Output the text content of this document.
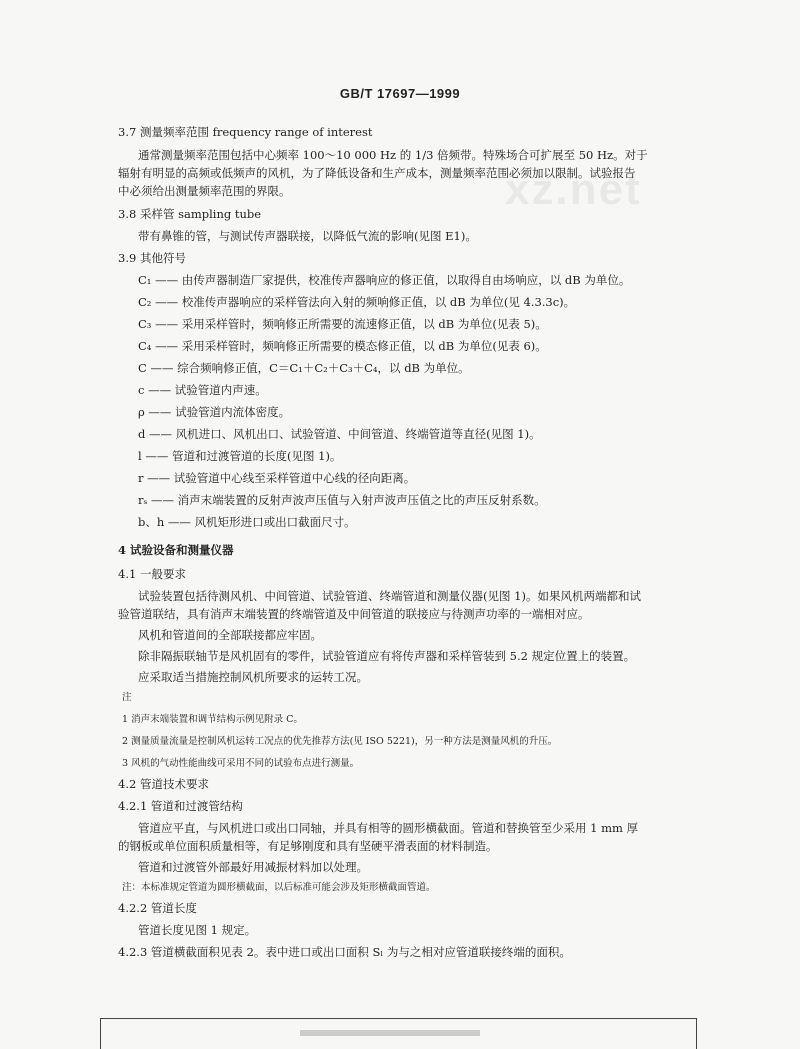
GB/T 17697—1999
xz.net
3.7 测量频率范围 frequency range of interest
通常测量频率范围包括中心频率 100～10 000 Hz 的 1/3 倍频带。特殊场合可扩展至 50 Hz。对于
辐射有明显的高频或低频声的风机，为了降低设备和生产成本，测量频率范围必须加以限制。试验报告
中必须给出测量频率范围的界限。
3.8 采样管 sampling tube
带有鼻锥的管，与测试传声器联接，以降低气流的影响(见图 E1)。
3.9 其他符号
C₁ —— 由传声器制造厂家提供，校准传声器响应的修正值，以取得自由场响应，以 dB 为单位。
C₂ —— 校准传声器响应的采样管法向入射的频响修正值，以 dB 为单位(见 4.3.3c)。
C₃ —— 采用采样管时，频响修正所需要的流速修正值，以 dB 为单位(见表 5)。
C₄ —— 采用采样管时，频响修正所需要的模态修正值，以 dB 为单位(见表 6)。
C —— 综合频响修正值，C＝C₁＋C₂＋C₃＋C₄，以 dB 为单位。
c —— 试验管道内声速。
ρ —— 试验管道内流体密度。
d —— 风机进口、风机出口、试验管道、中间管道、终端管道等直径(见图 1)。
l —— 管道和过渡管道的长度(见图 1)。
r —— 试验管道中心线至采样管道中心线的径向距离。
rₛ —— 消声末端装置的反射声波声压值与入射声波声压值之比的声压反射系数。
b、h —— 风机矩形进口或出口截面尺寸。
4 试验设备和测量仪器
4.1 一般要求
试验装置包括待测风机、中间管道、试验管道、终端管道和测量仪器(见图 1)。如果风机两端都和试
验管道联结，具有消声末端装置的终端管道及中间管道的联接应与待测声功率的一端相对应。
风机和管道间的全部联接都应牢固。
除非隔振联轴节是风机固有的零件，试验管道应有将传声器和采样管装到 5.2 规定位置上的装置。
应采取适当措施控制风机所要求的运转工况。
注
1 消声末端装置和调节结构示例见附录 C。
2 测量质量流量是控制风机运转工况点的优先推荐方法(见 ISO 5221)，另一种方法是测量风机的升压。
3 风机的气动性能曲线可采用不同的试验布点进行测量。
4.2 管道技术要求
4.2.1 管道和过渡管结构
管道应平直，与风机进口或出口同轴，并具有相等的圆形横截面。管道和替换管至少采用 1 mm 厚
的钢板或单位面积质量相等，有足够刚度和具有坚硬平滑表面的材料制造。
管道和过渡管外部最好用减振材料加以处理。
注：本标准规定管道为圆形横截面，以后标准可能会涉及矩形横截面管道。
4.2.2 管道长度
管道长度见图 1 规定。
4.2.3 管道横截面积见表 2。表中进口或出口面积 Sₗ 为与之相对应管道联接终端的面积。
